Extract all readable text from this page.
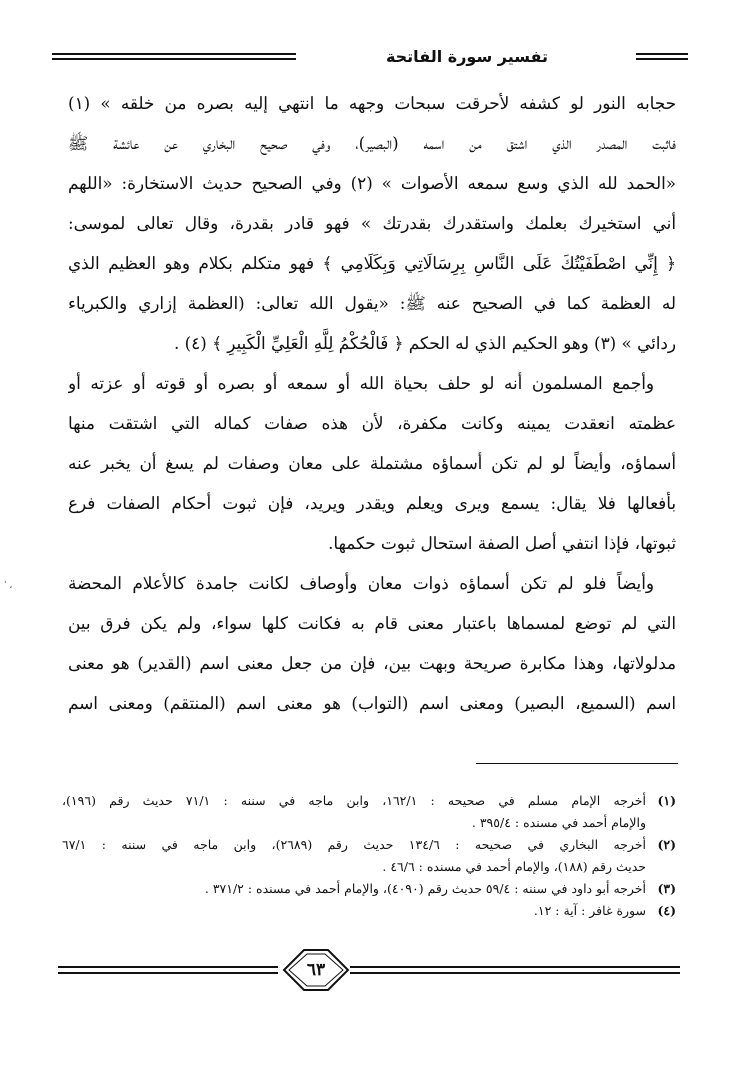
تفسير سورة الفاتحة
حجابه النور لو كشفه لأحرقت سبحات وجهه ما انتهي إليه بصره من خلقه » (١)
فاثبت المصدر الذي اشتق من اسمه (البصير)، وفي صحيح البخاري عن عائشة ﷺ
«الحمد لله الذي وسع سمعه الأصوات » (٢) وفي الصحيح حديث الاستخارة: «اللهم
أني استخيرك بعلمك واستقدرك بقدرتك » فهو قادر بقدرة، وقال تعالى لموسى:
﴿ إِنِّي اصْطَفَيْتُكَ عَلَى النَّاسِ بِرِسَالَاتِي وَبِكَلَامِي ﴾ فهو متكلم بكلام وهو العظيم الذي
له العظمة كما في الصحيح عنه ﷺ: «يقول الله تعالى: (العظمة إزاري والكبرياء
ردائي » (٣) وهو الحكيم الذي له الحكم ﴿ فَالْحُكْمُ لِلَّهِ الْعَلِيِّ الْكَبِيرِ ﴾ (٤) .
وأجمع المسلمون أنه لو حلف بحياة الله أو سمعه أو بصره أو قوته أو عزته أو
عظمته انعقدت يمينه وكانت مكفرة، لأن هذه صفات كماله التي اشتقت منها
أسماؤه، وأيضاً لو لم تكن أسماؤه مشتملة على معان وصفات لم يسغ أن يخبر عنه
بأفعالها فلا يقال: يسمع ويرى ويعلم ويقدر ويريد، فإن ثبوت أحكام الصفات فرع
ثبوتها، فإذا انتفي أصل الصفة استحال ثبوت حكمها.
وأيضاً فلو لم تكن أسماؤه ذوات معان وأوصاف لكانت جامدة كالأعلام المحضة
التي لم توضع لمسماها باعتبار معنى قام به فكانت كلها سواء، ولم يكن فرق بين
مدلولاتها، وهذا مكابرة صريحة وبهت بين، فإن من جعل معنى اسم (القدير) هو معنى
اسم (السميع، البصير) ومعنى اسم (التواب) هو معنى اسم (المنتقم) ومعنى اسم
ˈ ،
(١)
أخرجه الإمام مسلم في صحيحه : ١٦٢/١، وابن ماجه في سننه : ٧١/١ حديث رقم (١٩٦)،
والإمام أحمد في مسنده : ٣٩٥/٤ .
(٢)
أخرجه البخاري في صحيحه : ١٣٤/٦ حديث رقم (٢٦٨٩)، وابن ماجه في سننه : ٦٧/١
حديث رقم (١٨٨)، والإمام أحمد في مسنده : ٤٦/٦ .
(٣)
أخرجه أبو داود في سننه : ٥٩/٤ حديث رقم (٤٠٩٠)، والإمام أحمد في مسنده : ٣٧١/٢ .
(٤)
سورة غافر : آية : ١٢.
٦٣
